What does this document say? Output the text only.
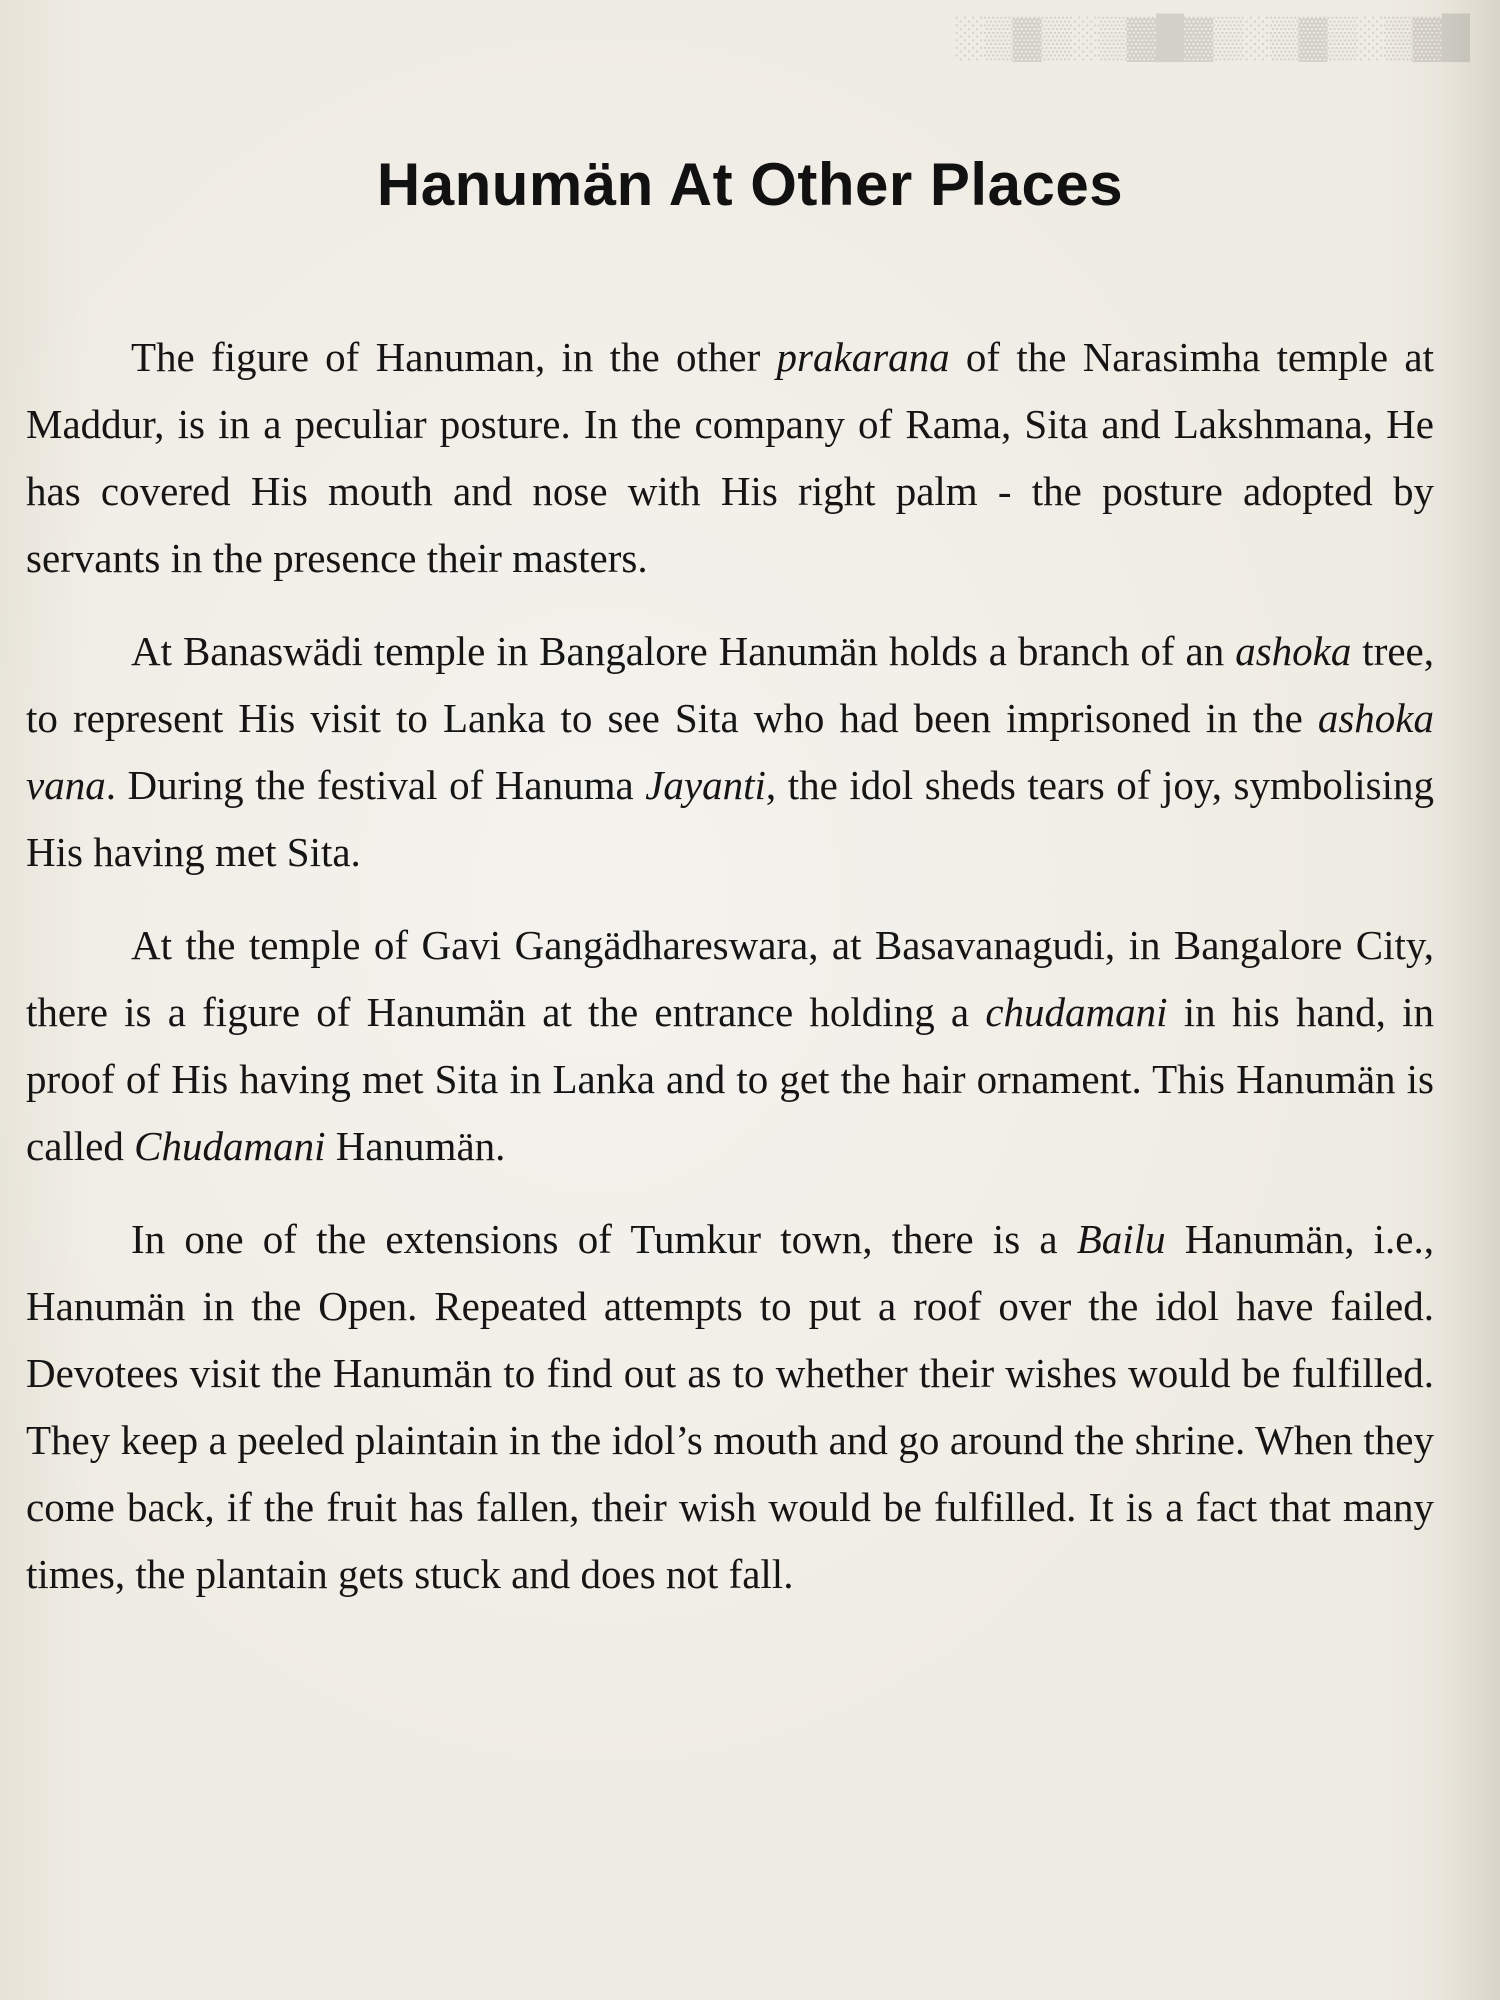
█▓▒░▒▓▒░▒▓█▓▒░▒▓▒░

Hanumän At Other Places

The figure of Hanuman, in the other prakarana of the Narasimha temple at Maddur, is in a peculiar posture. In the company of Rama, Sita and Lakshmana, He has covered His mouth and nose with His right palm - the posture adopted by servants in the presence their masters.

At Banaswädi temple in Bangalore Hanumän holds a branch of an ashoka tree, to represent His visit to Lanka to see Sita who had been imprisoned in the ashoka vana. During the festival of Hanuma Jayanti, the idol sheds tears of joy, symbolising His having met Sita.

At the temple of Gavi Gangädhareswara, at Basavanagudi, in Bangalore City, there is a figure of Hanumän at the entrance holding a chudamani in his hand, in proof of His having met Sita in Lanka and to get the hair ornament. This Hanumän is called Chudamani Hanumän.

In one of the extensions of Tumkur town, there is a Bailu Hanumän, i.e., Hanumän in the Open. Repeated attempts to put a roof over the idol have failed. Devotees visit the Hanumän to find out as to whether their wishes would be fulfilled. They keep a peeled plaintain in the idol’s mouth and go around the shrine. When they come back, if the fruit has fallen, their wish would be fulfilled. It is a fact that many times, the plantain gets stuck and does not fall.
